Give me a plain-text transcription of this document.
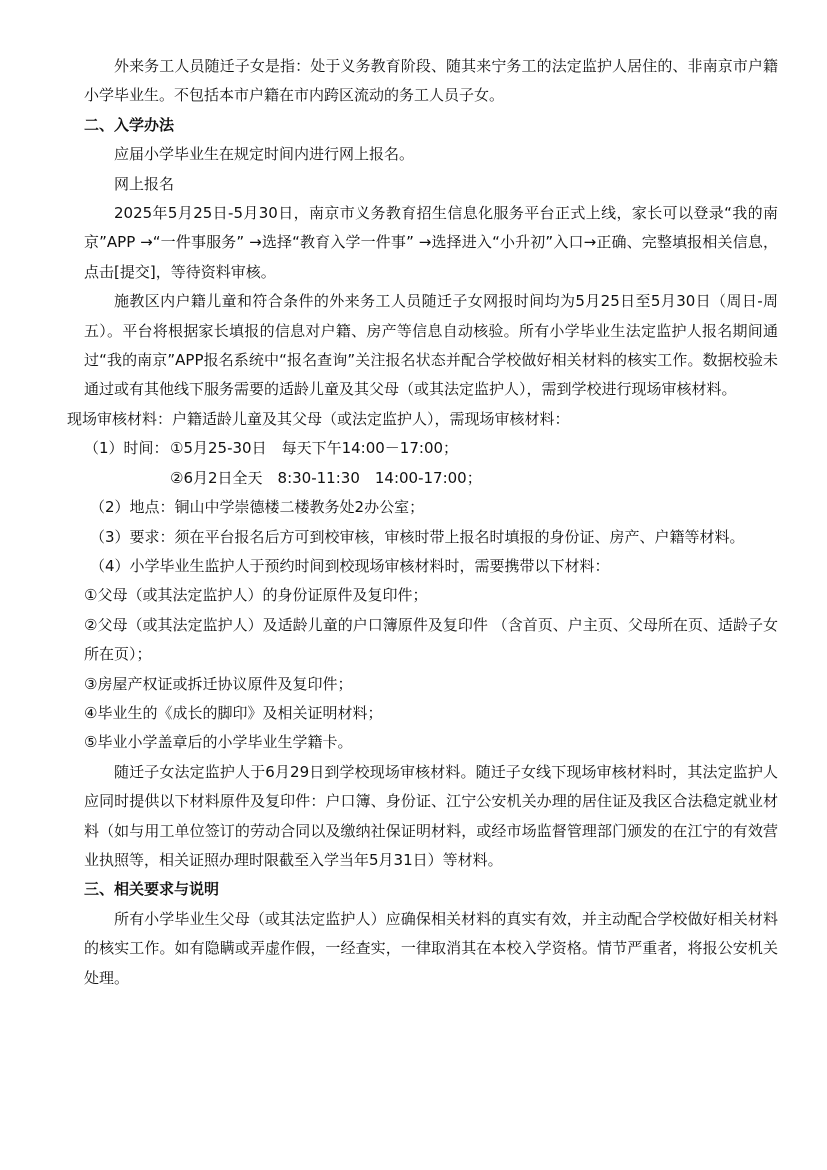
外来务工人员随迁子女是指：处于义务教育阶段、随其来宁务工的法定监护人居住的、非南京市户籍小学毕业生。不包括本市户籍在市内跨区流动的务工人员子女。

二、入学办法

应届小学毕业生在规定时间内进行网上报名。

网上报名

2025年5月25日-5月30日，南京市义务教育招生信息化服务平台正式上线，家长可以登录“我的南京”APP →“一件事服务” →选择“教育入学一件事” →选择进入“小升初”入口→正确、完整填报相关信息，点击[提交]，等待资料审核。

施教区内户籍儿童和符合条件的外来务工人员随迁子女网报时间均为5月25日至5月30日（周日-周五）。平台将根据家长填报的信息对户籍、房产等信息自动核验。所有小学毕业生法定监护人报名期间通过“我的南京”APP报名系统中“报名查询”关注报名状态并配合学校做好相关材料的核实工作。数据校验未通过或有其他线下服务需要的适龄儿童及其父母（或其法定监护人），需到学校进行现场审核材料。

现场审核材料：户籍适龄儿童及其父母（或法定监护人），需现场审核材料：

（1）时间：①5月25-30日　每天下午14:00－17:00；
②6月2日全天　8:30-11:30　14:00-17:00；

（2）地点：铜山中学崇德楼二楼教务处2办公室；

（3）要求：须在平台报名后方可到校审核，审核时带上报名时填报的身份证、房产、户籍等材料。

（4）小学毕业生监护人于预约时间到校现场审核材料时，需要携带以下材料：

①父母（或其法定监护人）的身份证原件及复印件；

②父母（或其法定监护人）及适龄儿童的户口簿原件及复印件 （含首页、户主页、父母所在页、适龄子女所在页）；

③房屋产权证或拆迁协议原件及复印件；

④毕业生的《成长的脚印》及相关证明材料；

⑤毕业小学盖章后的小学毕业生学籍卡。

随迁子女法定监护人于6月29日到学校现场审核材料。随迁子女线下现场审核材料时，其法定监护人应同时提供以下材料原件及复印件：户口簿、身份证、江宁公安机关办理的居住证及我区合法稳定就业材料（如与用工单位签订的劳动合同以及缴纳社保证明材料，或经市场监督管理部门颁发的在江宁的有效营业执照等，相关证照办理时限截至入学当年5月31日）等材料。

三、相关要求与说明

所有小学毕业生父母（或其法定监护人）应确保相关材料的真实有效，并主动配合学校做好相关材料的核实工作。如有隐瞒或弄虚作假，一经查实，一律取消其在本校入学资格。情节严重者，将报公安机关处理。
